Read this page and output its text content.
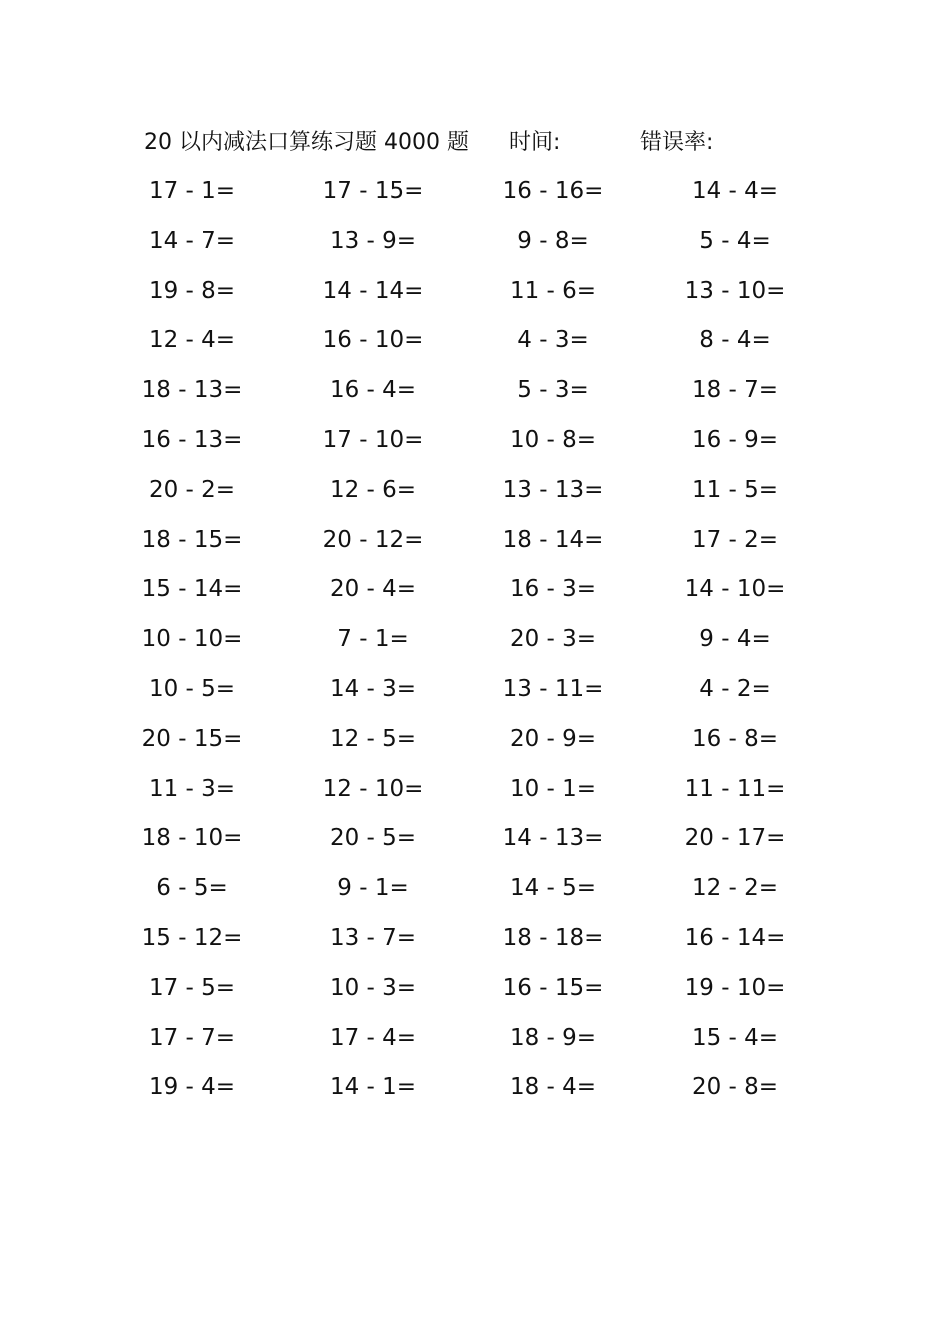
20 以内减法口算练习题 4000 题 时间:	错误率:
17 - 1=	17 - 15=	16 - 16=	14 - 4=
14 - 7=	13 - 9=	9 - 8=	5 - 4=
19 - 8=	14 - 14=	11 - 6=	13 - 10=
12 - 4=	16 - 10=	4 - 3=	8 - 4=
18 - 13=	16 - 4=	5 - 3=	18 - 7=
16 - 13=	17 - 10=	10 - 8=	16 - 9=
20 - 2=	12 - 6=	13 - 13=	11 - 5=
18 - 15=	20 - 12=	18 - 14=	17 - 2=
15 - 14=	20 - 4=	16 - 3=	14 - 10=
10 - 10=	7 - 1=	20 - 3=	9 - 4=
10 - 5=	14 - 3=	13 - 11=	4 - 2=
20 - 15=	12 - 5=	20 - 9=	16 - 8=
11 - 3=	12 - 10=	10 - 1=	11 - 11=
18 - 10=	20 - 5=	14 - 13=	20 - 17=
6 - 5=	9 - 1=	14 - 5=	12 - 2=
15 - 12=	13 - 7=	18 - 18=	16 - 14=
17 - 5=	10 - 3=	16 - 15=	19 - 10=
17 - 7=	17 - 4=	18 - 9=	15 - 4=
19 - 4=	14 - 1=	18 - 4=	20 - 8=
